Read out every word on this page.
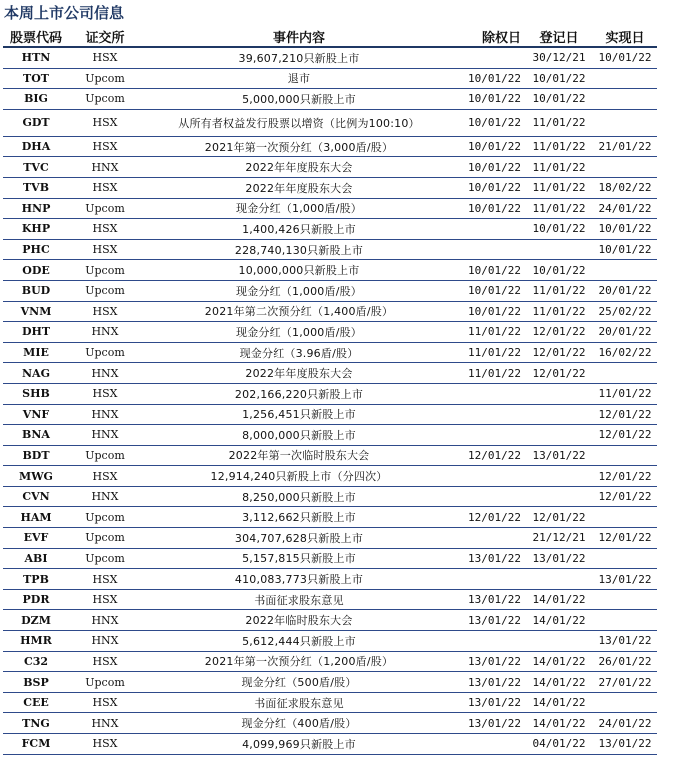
本周上市公司信息
股票代码	证交所	事件内容	除权日	登记日	实现日
HTN	HSX	39,607,210只新股上市		30/12/21	10/01/22
TOT	Upcom	退市	10/01/22	10/01/22	
BIG	Upcom	5,000,000只新股上市	10/01/22	10/01/22	
GDT	HSX	从所有者权益发行股票以增资（比例为100:10）	10/01/22	11/01/22	
DHA	HSX	2021年第一次预分红（3,000盾/股）	10/01/22	11/01/22	21/01/22
TVC	HNX	2022年年度股东大会	10/01/22	11/01/22	
TVB	HSX	2022年年度股东大会	10/01/22	11/01/22	18/02/22
HNP	Upcom	现金分红（1,000盾/股）	10/01/22	11/01/22	24/01/22
KHP	HSX	1,400,426只新股上市		10/01/22	10/01/22
PHC	HSX	228,740,130只新股上市			10/01/22
ODE	Upcom	10,000,000只新股上市	10/01/22	10/01/22	
BUD	Upcom	现金分红（1,000盾/股）	10/01/22	11/01/22	20/01/22
VNM	HSX	2021年第二次预分红（1,400盾/股）	10/01/22	11/01/22	25/02/22
DHT	HNX	现金分红（1,000盾/股）	11/01/22	12/01/22	20/01/22
MIE	Upcom	现金分红（3.96盾/股）	11/01/22	12/01/22	16/02/22
NAG	HNX	2022年年度股东大会	11/01/22	12/01/22	
SHB	HSX	202,166,220只新股上市			11/01/22
VNF	HNX	1,256,451只新股上市			12/01/22
BNA	HNX	8,000,000只新股上市			12/01/22
BDT	Upcom	2022年第一次临时股东大会	12/01/22	13/01/22	
MWG	HSX	12,914,240只新股上市（分四次）			12/01/22
CVN	HNX	8,250,000只新股上市			12/01/22
HAM	Upcom	3,112,662只新股上市	12/01/22	12/01/22	
EVF	Upcom	304,707,628只新股上市		21/12/21	12/01/22
ABI	Upcom	5,157,815只新股上市	13/01/22	13/01/22	
TPB	HSX	410,083,773只新股上市			13/01/22
PDR	HSX	书面征求股东意见	13/01/22	14/01/22	
DZM	HNX	2022年临时股东大会	13/01/22	14/01/22	
HMR	HNX	5,612,444只新股上市			13/01/22
C32	HSX	2021年第一次预分红（1,200盾/股）	13/01/22	14/01/22	26/01/22
BSP	Upcom	现金分红（500盾/股）	13/01/22	14/01/22	27/01/22
CEE	HSX	书面征求股东意见	13/01/22	14/01/22	
TNG	HNX	现金分红（400盾/股）	13/01/22	14/01/22	24/01/22
FCM	HSX	4,099,969只新股上市		04/01/22	13/01/22
